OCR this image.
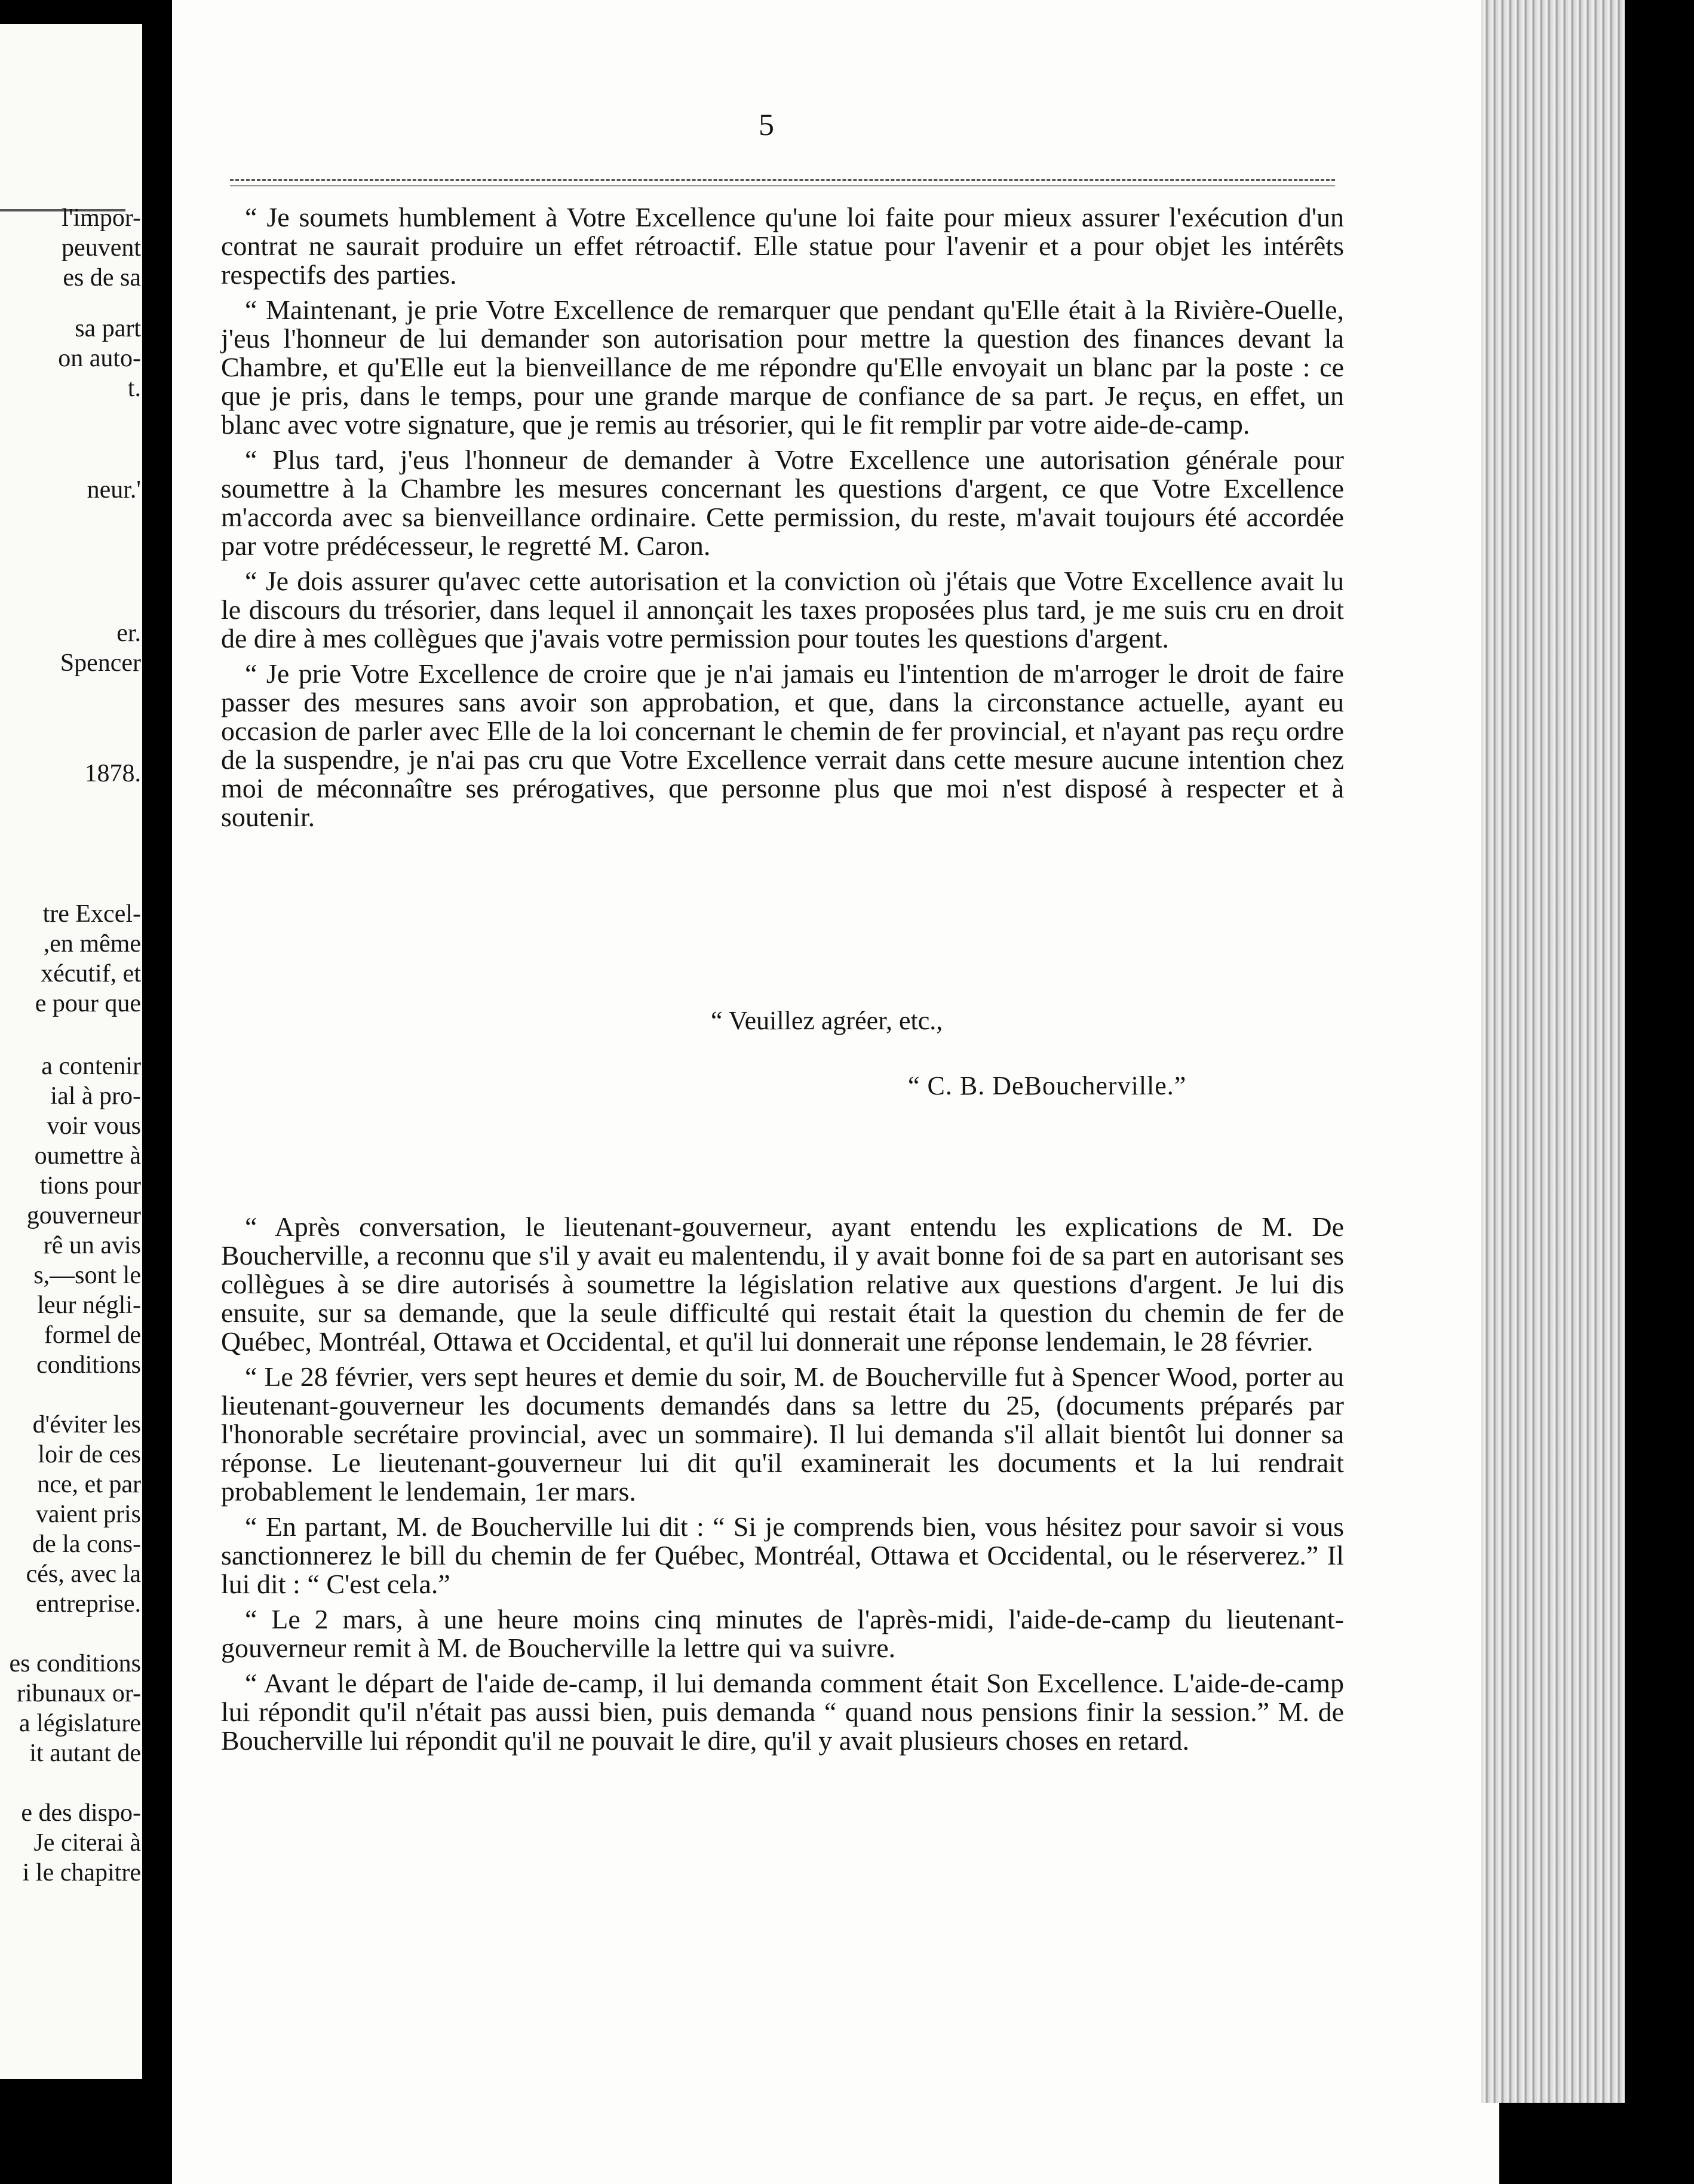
l'impor-
peuvent
es de sa
sa part
on auto-
t.
neur.'
er.
Spencer
1878.
tre Excel-
,en même
xécutif, et
e pour que
a contenir
ial à pro-
voir vous
oumettre à
tions pour
gouverneur
rê un avis
s,—sont le
leur négli-
formel de
conditions
d'éviter les
loir de ces
nce, et par
vaient pris
de la cons-
cés, avec la
entreprise.
es conditions
ribunaux or-
a législature
it autant de
e des dispo-
Je citerai à
i le chapitre
5

“ Je soumets humblement à Votre Excellence qu'une loi faite pour mieux assurer l'exécution d'un contrat ne saurait produire un effet rétroactif. Elle statue pour l'avenir et a pour objet les intérêts respectifs des parties.

“ Maintenant, je prie Votre Excellence de remarquer que pendant qu'Elle était à la Rivière-Ouelle, j'eus l'honneur de lui demander son autorisation pour mettre la question des finances devant la Chambre, et qu'Elle eut la bienveillance de me répondre qu'Elle envoyait un blanc par la poste : ce que je pris, dans le temps, pour une grande marque de confiance de sa part. Je reçus, en effet, un blanc avec votre signature, que je remis au trésorier, qui le fit remplir par votre aide-de-camp.

“ Plus tard, j'eus l'honneur de demander à Votre Excellence une autorisation générale pour soumettre à la Chambre les mesures concernant les questions d'argent, ce que Votre Excellence m'accorda avec sa bienveillance ordinaire. Cette permission, du reste, m'avait toujours été accordée par votre prédécesseur, le regretté M. Caron.

“ Je dois assurer qu'avec cette autorisation et la conviction où j'étais que Votre Excellence avait lu le discours du trésorier, dans lequel il annonçait les taxes proposées plus tard, je me suis cru en droit de dire à mes collègues que j'avais votre permission pour toutes les questions d'argent.

“ Je prie Votre Excellence de croire que je n'ai jamais eu l'intention de m'arroger le droit de faire passer des mesures sans avoir son approbation, et que, dans la circonstance actuelle, ayant eu occasion de parler avec Elle de la loi concernant le chemin de fer provincial, et n'ayant pas reçu ordre de la suspendre, je n'ai pas cru que Votre Excellence verrait dans cette mesure aucune intention chez moi de méconnaître ses prérogatives, que personne plus que moi n'est disposé à respecter et à soutenir.

“ Veuillez agréer, etc.,
“ C. B. DeBoucherville.”

“ Après conversation, le lieutenant-gouverneur, ayant entendu les explications de M. De Boucherville, a reconnu que s'il y avait eu malentendu, il y avait bonne foi de sa part en autorisant ses collègues à se dire autorisés à soumettre la législation relative aux questions d'argent. Je lui dis ensuite, sur sa demande, que la seule difficulté qui restait était la question du chemin de fer de Québec, Montréal, Ottawa et Occidental, et qu'il lui donnerait une réponse lendemain, le 28 février.

“ Le 28 février, vers sept heures et demie du soir, M. de Boucherville fut à Spencer Wood, porter au lieutenant-gouverneur les documents demandés dans sa lettre du 25, (documents préparés par l'honorable secrétaire provincial, avec un sommaire). Il lui demanda s'il allait bientôt lui donner sa réponse. Le lieutenant-gouverneur lui dit qu'il examinerait les documents et la lui rendrait probablement le lendemain, 1er mars.

“ En partant, M. de Boucherville lui dit : “ Si je comprends bien, vous hésitez pour savoir si vous sanctionnerez le bill du chemin de fer Québec, Montréal, Ottawa et Occidental, ou le réserverez.” Il lui dit : “ C'est cela.”

“ Le 2 mars, à une heure moins cinq minutes de l'après-midi, l'aide-de-camp du lieutenant-gouverneur remit à M. de Boucherville la lettre qui va suivre.

“ Avant le départ de l'aide de-camp, il lui demanda comment était Son Excellence. L'aide-de-camp lui répondit qu'il n'était pas aussi bien, puis demanda “ quand nous pensions finir la session.” M. de Boucherville lui répondit qu'il ne pouvait le dire, qu'il y avait plusieurs choses en retard.
